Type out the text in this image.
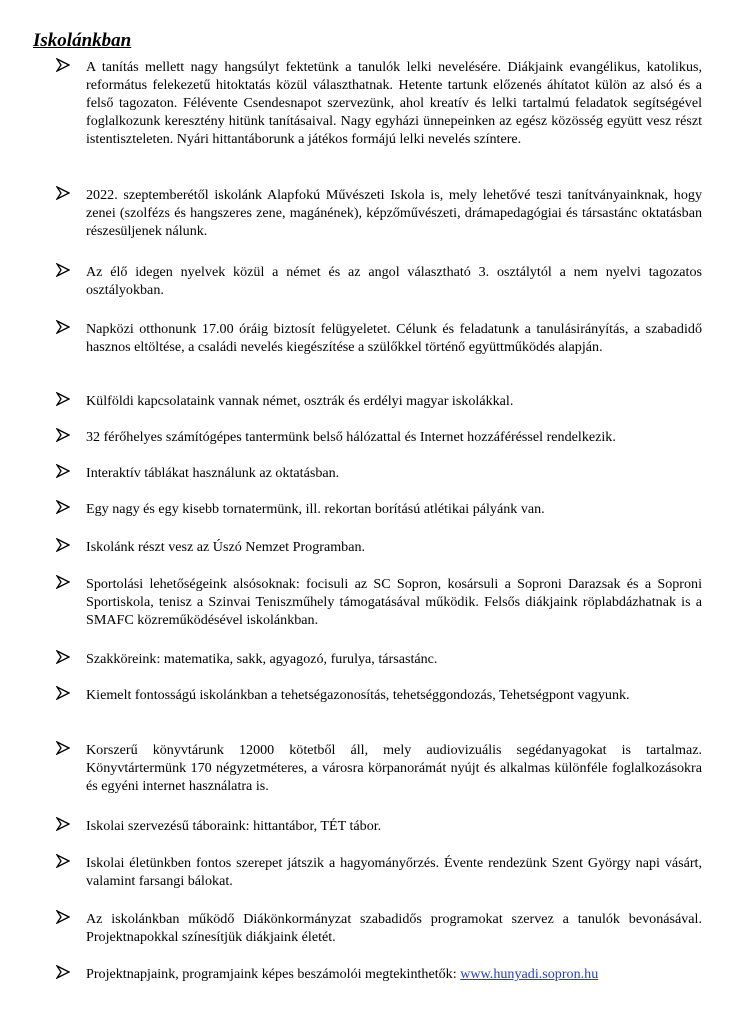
Iskolánkban

A tanítás mellett nagy hangsúlyt fektetünk a tanulók lelki nevelésére. Diákjaink evangélikus, katolikus, református felekezetű hitoktatás közül választhatnak. Hetente tartunk előzenés áhítatot külön az alsó és a felső tagozaton. Félévente Csendesnapot szervezünk, ahol kreatív és lelki tartalmú feladatok segítségével foglalkozunk keresztény hitünk tanításaival. Nagy egyházi ünnepeinken az egész közösség együtt vesz részt istentiszteleten. Nyári hittantáborunk a játékos formájú lelki nevelés színtere.

2022. szeptemberétől iskolánk Alapfokú Művészeti Iskola is, mely lehetővé teszi tanítványainknak, hogy zenei (szolfézs és hangszeres zene, magánének), képzőművészeti, drámapedagógiai és társastánc oktatásban részesüljenek nálunk.

Az élő idegen nyelvek közül a német és az angol választható 3. osztálytól a nem nyelvi tagozatos osztályokban.

Napközi otthonunk 17.00 óráig biztosít felügyeletet. Célunk és feladatunk a tanulásirányítás, a szabadidő hasznos eltöltése, a családi nevelés kiegészítése a szülőkkel történő együttműködés alapján.

Külföldi kapcsolataink vannak német, osztrák és erdélyi magyar iskolákkal.

32 férőhelyes számítógépes tantermünk belső hálózattal és Internet hozzáféréssel rendelkezik.

Interaktív táblákat használunk az oktatásban.

Egy nagy és egy kisebb tornatermünk, ill. rekortan borítású atlétikai pályánk van.

Iskolánk részt vesz az Úszó Nemzet Programban.

Sportolási lehetőségeink alsósoknak: focisuli az SC Sopron, kosársuli a Soproni Darazsak és a Soproni Sportiskola, tenisz a Szinvai Teniszműhely támogatásával működik. Felsős diákjaink röplabdázhatnak is a SMAFC közreműködésével iskolánkban.

Szakköreink: matematika, sakk, agyagozó, furulya, társastánc.

Kiemelt fontosságú iskolánkban a tehetségazonosítás, tehetséggondozás, Tehetségpont vagyunk.

Korszerű könyvtárunk 12000 kötetből áll, mely audiovizuális segédanyagokat is tartalmaz. Könyvtártermünk 170 négyzetméteres, a városra körpanorámát nyújt és alkalmas különféle foglalkozásokra és egyéni internet használatra is.

Iskolai szervezésű táboraink: hittantábor, TÉT tábor.

Iskolai életünkben fontos szerepet játszik a hagyományőrzés. Évente rendezünk Szent György napi vásárt, valamint farsangi bálokat.

Az iskolánkban működő Diákönkormányzat szabadidős programokat szervez a tanulók bevonásával. Projektnapokkal színesítjük diákjaink életét.

Projektnapjaink, programjaink képes beszámolói megtekinthetők: www.hunyadi.sopron.hu
